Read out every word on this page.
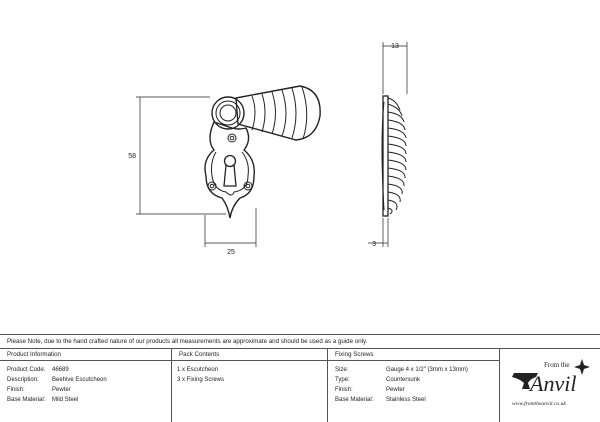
58
25
13
3
Please Note, due to the hand crafted nature of our products all measurements are approximate and should be used as a guide only.
Product Information
Product Code: 46689
Description: Beehive Escutcheon
Finish:	Pewter
Base Material: Mild Steel
Pack Contents
1 x Escutcheon
3 x Fixing Screws
Fixing Screws
Size:	Gauge 4 x 1/2" (3mm x 13mm)
Type:	Countersunk
Finish:	Pewter
Base Material: Stainless Steel
From the
Anvil
www.fromtheanvil.co.uk
